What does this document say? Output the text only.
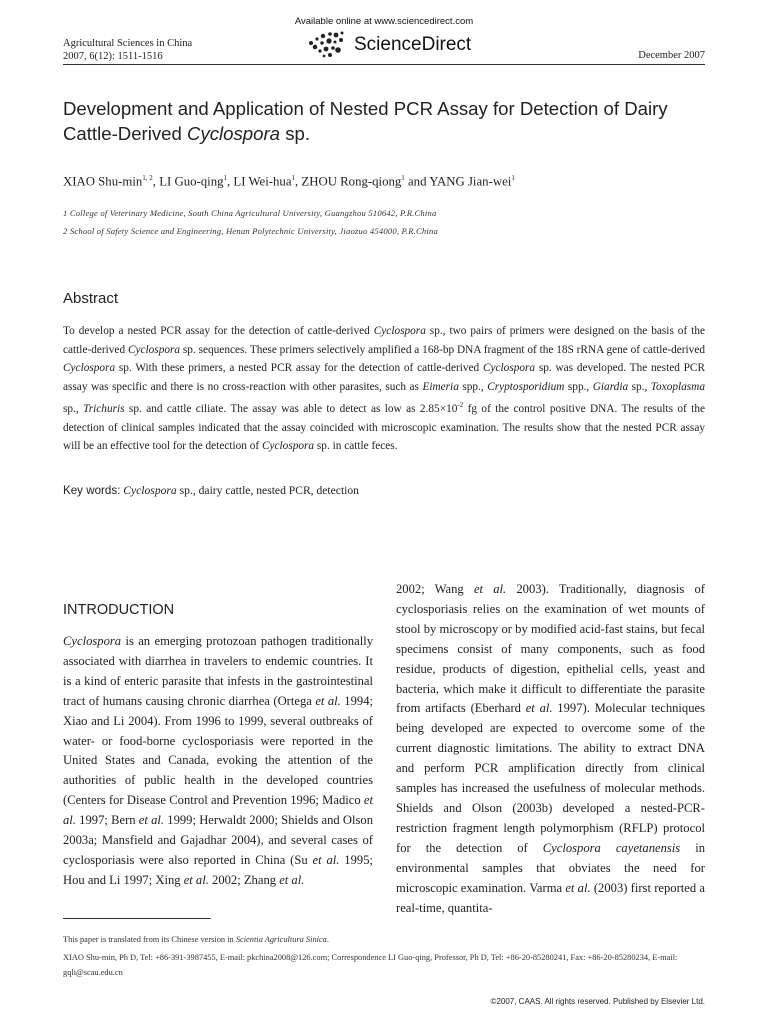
Available online at www.sciencedirect.com
Agricultural Sciences in China
2007, 6(12): 1511-1516
ScienceDirect
December 2007
Development and Application of Nested PCR Assay for Detection of Dairy
Cattle-Derived Cyclospora sp.
XIAO Shu-$\min^{1, 2}$, LI Guo-qing$^1$, LI Wei-hua$^1$, ZHOU Rong-qiong$^1$ and YANG Jian-wei$^1$
1 College of Veterinary Medicine, South China Agricultural University, Guangzhou 510642, P.R.China
2 School of Safety Science and Engineering, Henan Polytechnic University, Jiaozuo 454000, P.R.China
Abstract
To develop a nested PCR assay for the detection of cattle-derived Cyclospora sp., two pairs of primers were designed on the basis of the cattle-derived Cyclospora sp. sequences. These primers selectively amplified a 168-bp DNA fragment of the 18S rRNA gene of cattle-derived Cyclospora sp. With these primers, a nested PCR assay for the detection of cattle-derived Cyclospora sp. was developed. The nested PCR assay was specific and there is no cross-reaction with other parasites, such as Eimeria spp., Cryptosporidium spp., Giardia sp., Toxoplasma sp., Trichuris sp. and cattle ciliate. The assay was able to detect as low as $2.85\times 10^{-2}$ fg of the control positive DNA. The results of the detection of clinical samples indicated that the assay coincided with microscopic examination. The results show that the nested PCR assay will be an effective tool for the detection of Cyclospora sp. in cattle feces.
Key words: Cyclospora sp., dairy cattle, nested PCR, detection
INTRODUCTION
Cyclospora is an emerging protozoan pathogen traditionally associated with diarrhea in travelers to endemic countries. It is a kind of enteric parasite that infests in the gastrointestinal tract of humans causing chronic diarrhea (Ortega et al. 1994; Xiao and Li 2004). From 1996 to 1999, several outbreaks of water- or food-borne cyclosporiasis were reported in the United States and Canada, evoking the attention of the authorities of public health in the developed countries (Centers for Disease Control and Prevention 1996; Madico et al. 1997; Bern et al. 1999; Herwaldt 2000; Shields and Olson 2003a; Mansfield and Gajadhar 2004), and several cases of cyclosporiasis were also reported in China (Su et al. 1995; Hou and Li 1997; Xing et al. 2002; Zhang et al.
2002; Wang et al. 2003). Traditionally, diagnosis of cyclosporiasis relies on the examination of wet mounts of stool by microscopy or by modified acid-fast stains, but fecal specimens consist of many components, such as food residue, products of digestion, epithelial cells, yeast and bacteria, which make it difficult to differentiate the parasite from artifacts (Eberhard et al. 1997). Molecular techniques being developed are expected to overcome some of the current diagnostic limitations. The ability to extract DNA and perform PCR amplification directly from clinical samples has increased the usefulness of molecular methods. Shields and Olson (2003b) developed a nested-PCR-restriction fragment length polymorphism (RFLP) protocol for the detection of Cyclospora cayetanensis in environmental samples that obviates the need for microscopic examination. Varma et al. (2003) first reported a real-time, quantita-
This paper is translated from its Chinese version in Scientia Agricultura Sinica.
XIAO Shu-min, Ph D, Tel: +86-391-3987455, E-mail: pkchina2008@126.com; Correspondence LI Guo-qing, Professor, Ph D, Tel: +86-20-85280241, Fax: +86-20-85280234, E-mail: gqli@scau.edu.cn
©2007, CAAS. All rights reserved. Published by Elsevier Ltd.
